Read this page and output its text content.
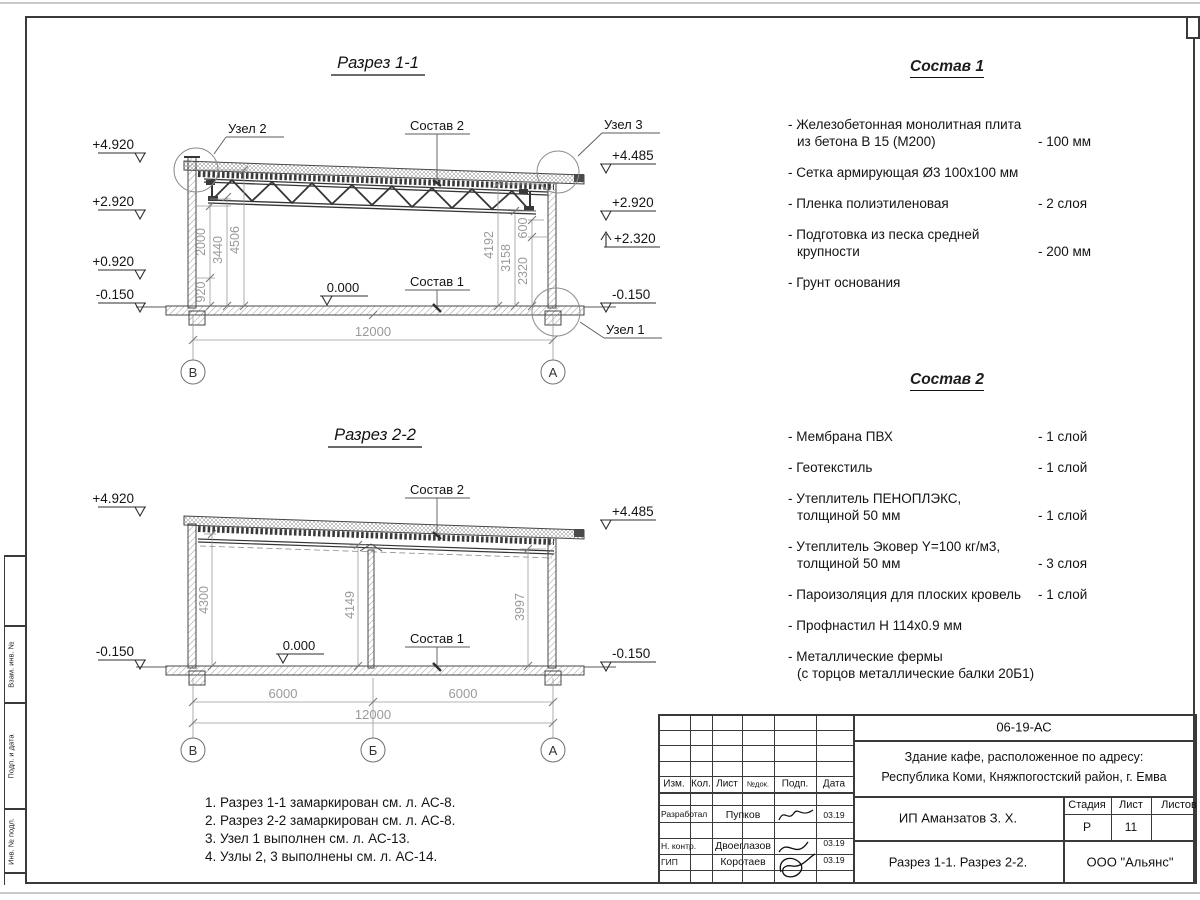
Разрез 1-1
Узел 2	Узел 3
Узел 1
Состав 2
Состав 1
0.000
+4.920
+2.920
+0.920
-0.150
+4.485
+2.920
+2.320
-0.150
920
2000 3440 4506	4192 3158 2320
600
12000
В	А
Разрез 2-2
Состав 2
Состав 1
0.000
+4.920
-0.150
+4.485
-0.150
4300	4149	3997
6000	6000
12000
В	Б	А
Состав 1
- Железобетонная монолитная плита
из бетона В 15 (М200)	- 100 мм
- Сетка армирующая Ø3 100x100 мм
- Пленка полиэтиленовая	- 2 слоя
- Подготовка из песка средней
крупности	- 200 мм
- Грунт основания
Состав 2
- Мембрана ПВХ	- 1 слой
- Геотекстиль	- 1 слой
- Утеплитель ПЕНОПЛЭКС,
толщиной 50 мм	- 1 слой
- Утеплитель Эковер Y=100 кг/м3,
толщиной 50 мм	- 3 слоя
- Пароизоляция для плоских кровель	- 1 слой
- Профнастил Н 114x0.9 мм
- Металлические фермы
(с торцов металлические балки 20Б1)
1. Разрез 1-1 замаркирован см. л. АС-8.
2. Разрез 2-2 замаркирован см. л. АС-8.
3. Узел 1 выполнен см. л. АС-13.
4. Узлы 2, 3 выполнены см. л. АС-14.
Взам. инв. №
Подп. и дата
Инв. № подл.
Изм. Кол. Лист №док. Подп. Дата
Разработал Пупков	03.19
Н. контр. Двоеглазов	03.19
ГИП	Коротаев	03.19
06-19-АС
Здание кафе, расположенное по адресу:
Республика Коми, Княжпогостский район, г. Емва
ИП Аманзатов З. Х.
Стадия Лист Листов
Р	11
Разрез 1-1. Разрез 2-2.	ООО "Альянс"
